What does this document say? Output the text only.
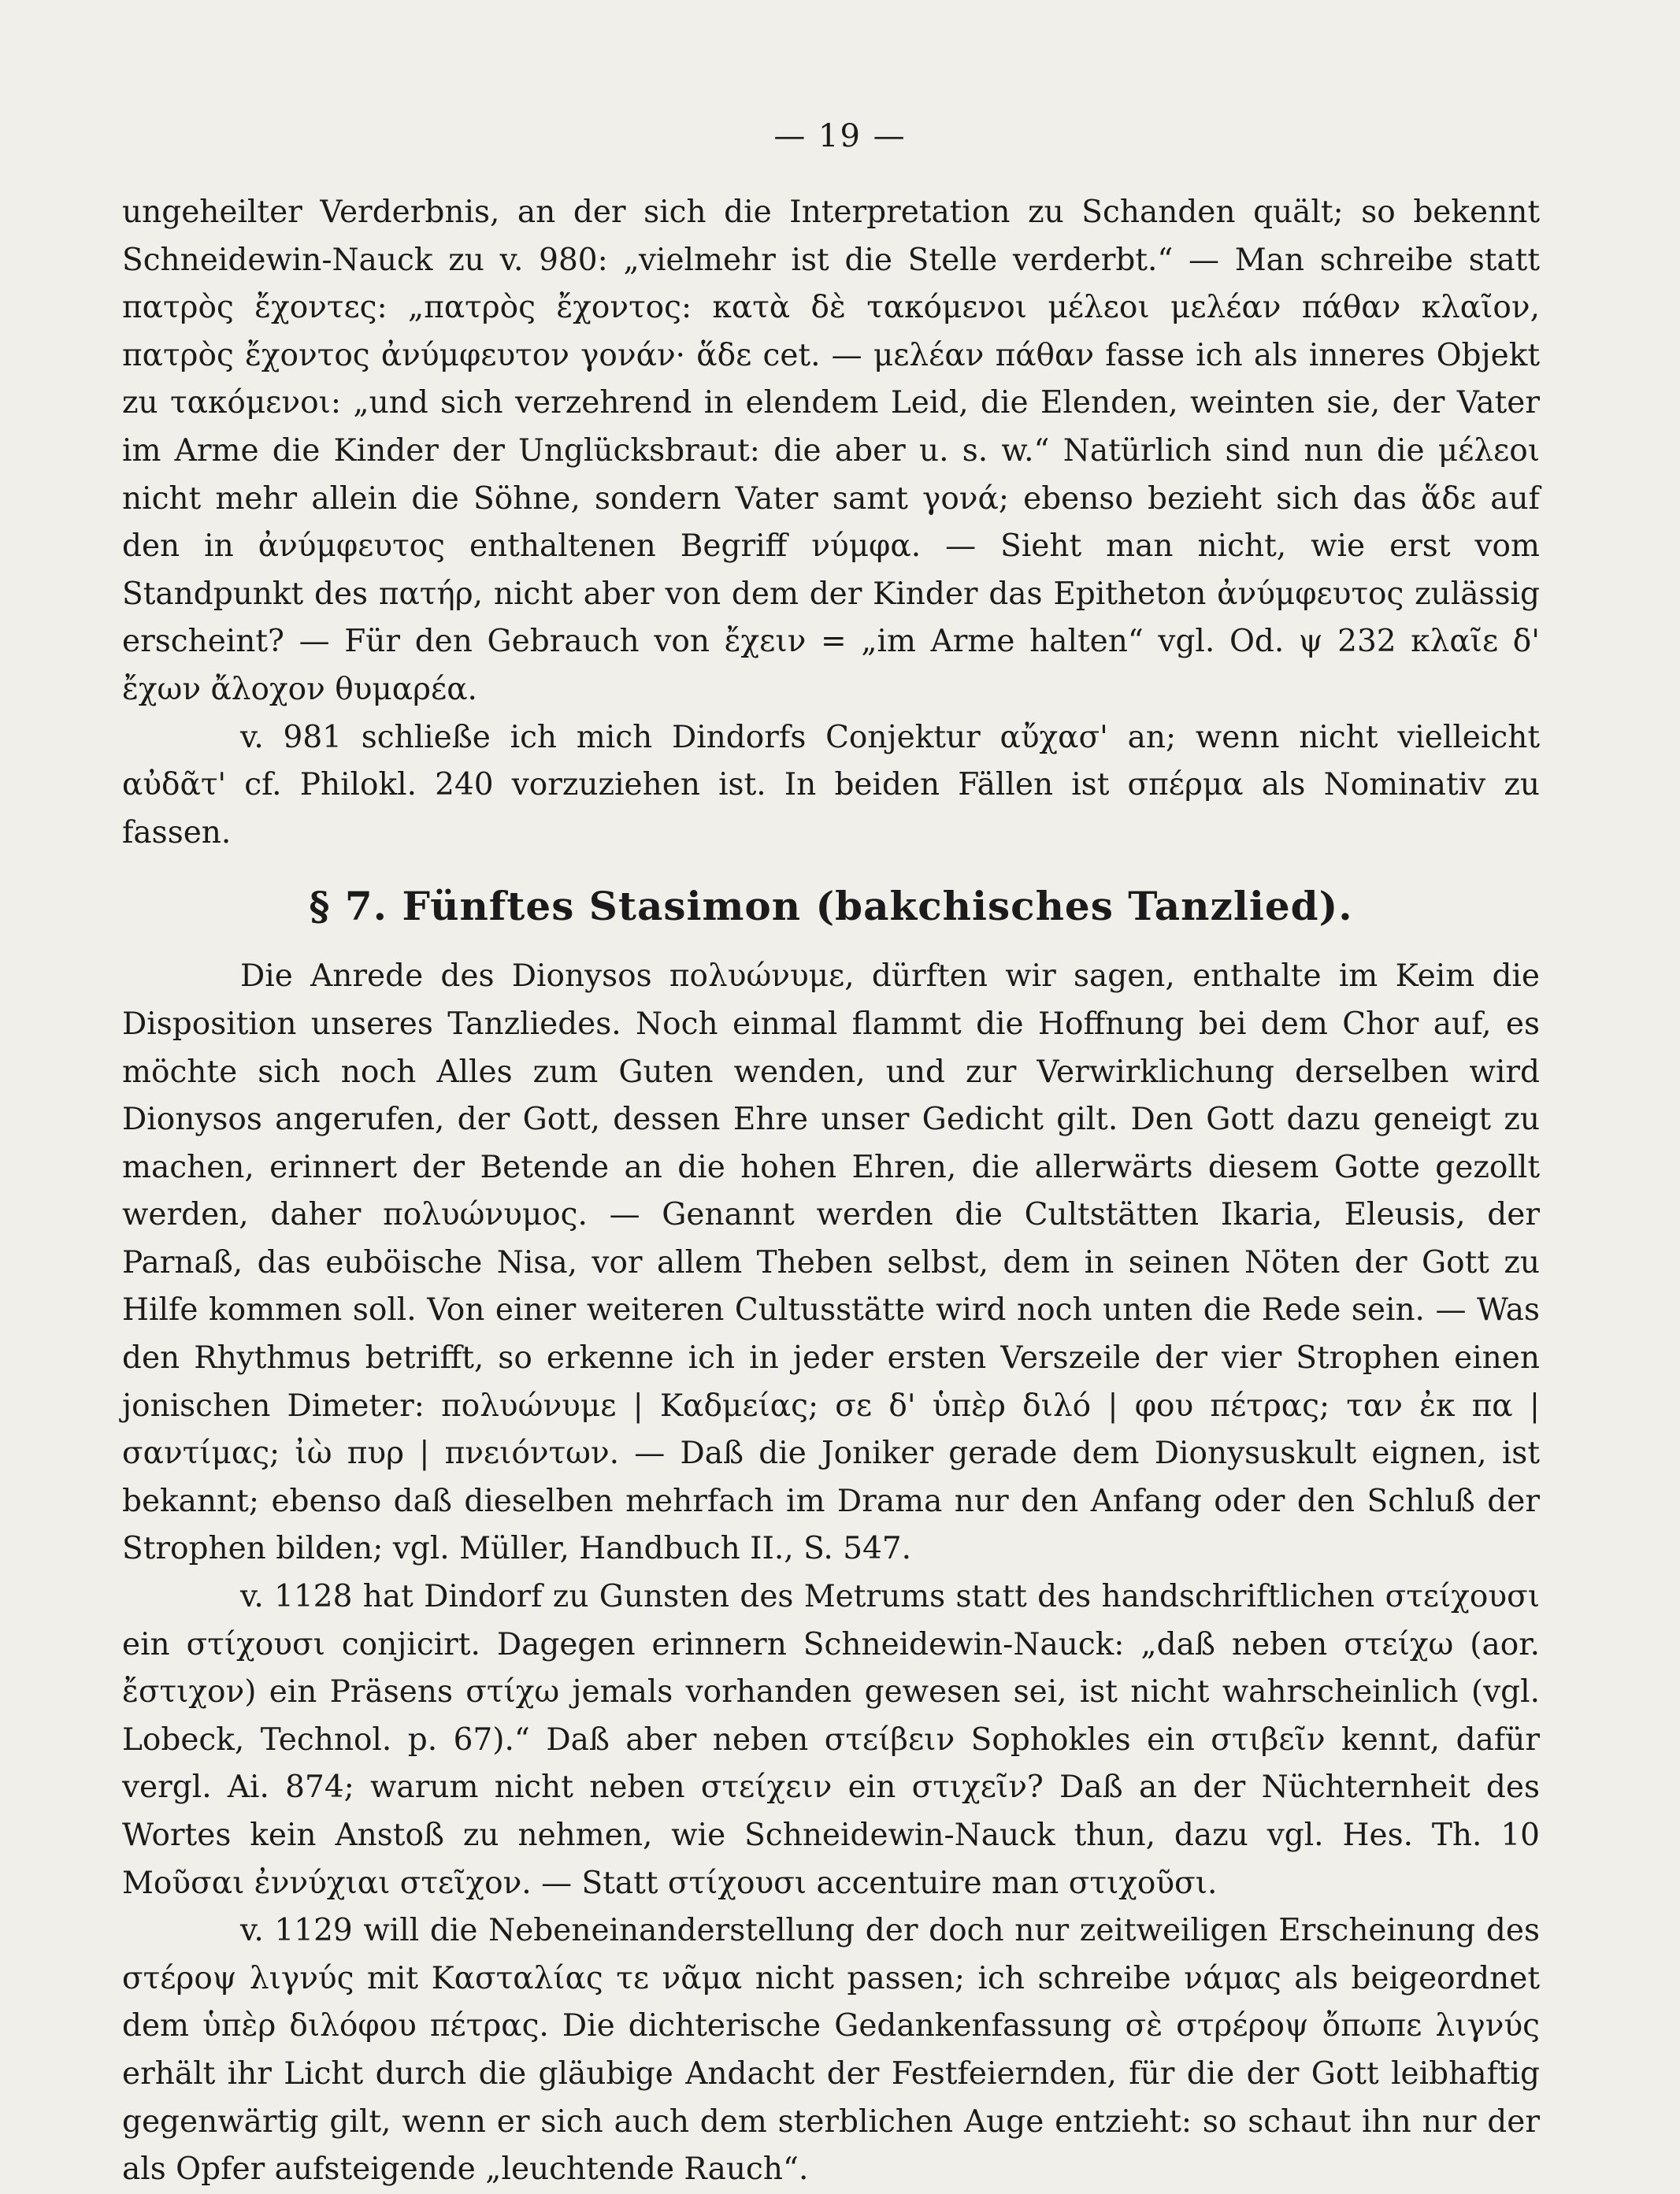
— 19 —

ungeheilter Verderbnis, an der sich die Interpretation zu Schanden quält; so bekennt Schneidewin-Nauck zu v. 980: „vielmehr ist die Stelle verderbt.“ — Man schreibe statt πατρὸς ἔχοντες: „πατρὸς ἔχοντος: κατὰ δὲ τακόμενοι μέλεοι μελέαν πάθαν κλαῖον, πατρὸς ἔχοντος ἀνύμφευτον γονάν· ἅδε cet. — μελέαν πάθαν fasse ich als inneres Objekt zu τακόμενοι: „und sich verzehrend in elendem Leid, die Elenden, weinten sie, der Vater im Arme die Kinder der Unglücksbraut: die aber u. s. w.“ Natürlich sind nun die μέλεοι nicht mehr allein die Söhne, sondern Vater samt γονά; ebenso bezieht sich das ἅδε auf den in ἀνύμφευτος enthaltenen Begriff νύμφα. — Sieht man nicht, wie erst vom Standpunkt des πατήρ, nicht aber von dem der Kinder das Epitheton ἀνύμφευτος zulässig erscheint? — Für den Gebrauch von ἔχειν = „im Arme halten“ vgl. Od. ψ 232 κλαῖε δ' ἔχων ἄλοχον θυμαρέα.

v. 981 schließe ich mich Dindorfs Conjektur αὔχασ' an; wenn nicht vielleicht αὐδᾶτ' cf. Philokl. 240 vorzuziehen ist. In beiden Fällen ist σπέρμα als Nominativ zu fassen.

§ 7. Fünftes Stasimon (bakchisches Tanzlied).

Die Anrede des Dionysos πολυώνυμε, dürften wir sagen, enthalte im Keim die Disposition unseres Tanzliedes. Noch einmal flammt die Hoffnung bei dem Chor auf, es möchte sich noch Alles zum Guten wenden, und zur Verwirklichung derselben wird Dionysos angerufen, der Gott, dessen Ehre unser Gedicht gilt. Den Gott dazu geneigt zu machen, erinnert der Betende an die hohen Ehren, die allerwärts diesem Gotte gezollt werden, daher πολυώνυμος. — Genannt werden die Cultstätten Ikaria, Eleusis, der Parnaß, das euböische Nisa, vor allem Theben selbst, dem in seinen Nöten der Gott zu Hilfe kommen soll. Von einer weiteren Cultusstätte wird noch unten die Rede sein. — Was den Rhythmus betrifft, so erkenne ich in jeder ersten Verszeile der vier Strophen einen jonischen Dimeter: πολυώνυμε | Καδμείας; σε δ' ὑπὲρ διλό | φου πέτρας; ταν ἐκ πα | σαντίμας; ἰὼ πυρ | πνειόντων. — Daß die Joniker gerade dem Dionysuskult eignen, ist bekannt; ebenso daß dieselben mehrfach im Drama nur den Anfang oder den Schluß der Strophen bilden; vgl. Müller, Handbuch II., S. 547.

v. 1128 hat Dindorf zu Gunsten des Metrums statt des handschriftlichen στείχουσι ein στίχουσι conjicirt. Dagegen erinnern Schneidewin-Nauck: „daß neben στείχω (aor. ἔστιχον) ein Präsens στίχω jemals vorhanden gewesen sei, ist nicht wahrscheinlich (vgl. Lobeck, Technol. p. 67).“ Daß aber neben στείβειν Sophokles ein στιβεῖν kennt, dafür vergl. Ai. 874; warum nicht neben στείχειν ein στιχεῖν? Daß an der Nüchternheit des Wortes kein Anstoß zu nehmen, wie Schneidewin-Nauck thun, dazu vgl. Hes. Th. 10 Μοῦσαι ἐννύχιαι στεῖχον. — Statt στίχουσι accentuire man στιχοῦσι.

v. 1129 will die Nebeneinanderstellung der doch nur zeitweiligen Erscheinung des στέροψ λιγνύς mit Κασταλίας τε νᾶμα nicht passen; ich schreibe νάμας als beigeordnet dem ὑπὲρ διλόφου πέτρας. Die dichterische Gedankenfassung σὲ στρέροψ ὄπωπε λιγνύς erhält ihr Licht durch die gläubige Andacht der Festfeiernden, für die der Gott leibhaftig gegenwärtig gilt, wenn er sich auch dem sterblichen Auge entzieht: so schaut ihn nur der als Opfer aufsteigende „leuchtende Rauch“.
